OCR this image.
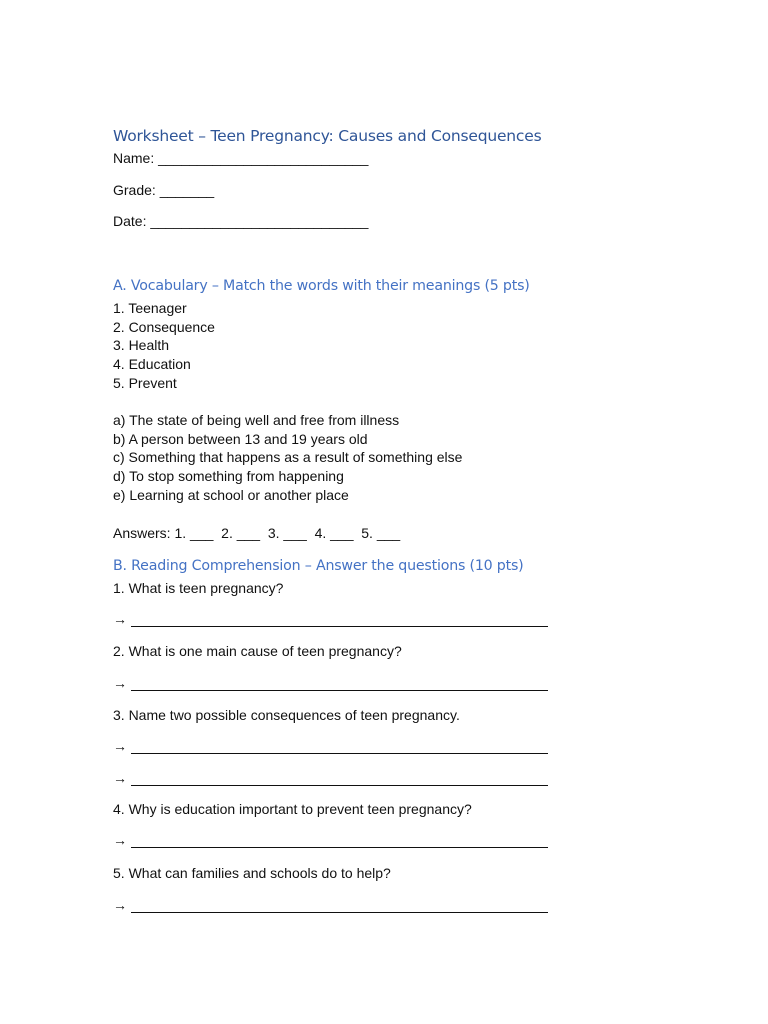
Worksheet – Teen Pregnancy: Causes and Consequences
Name: ___________________________
Grade: _______
Date: ____________________________
A. Vocabulary – Match the words with their meanings (5 pts)
1. Teenager
2. Consequence
3. Health
4. Education
5. Prevent
a) The state of being well and free from illness
b) A person between 13 and 19 years old
c) Something that happens as a result of something else
d) To stop something from happening
e) Learning at school or another place
Answers: 1. ___  2. ___  3. ___  4. ___  5. ___
B. Reading Comprehension – Answer the questions (10 pts)
1. What is teen pregnancy?
→
2. What is one main cause of teen pregnancy?
→
3. Name two possible consequences of teen pregnancy.
→
→
4. Why is education important to prevent teen pregnancy?
→
5. What can families and schools do to help?
→
